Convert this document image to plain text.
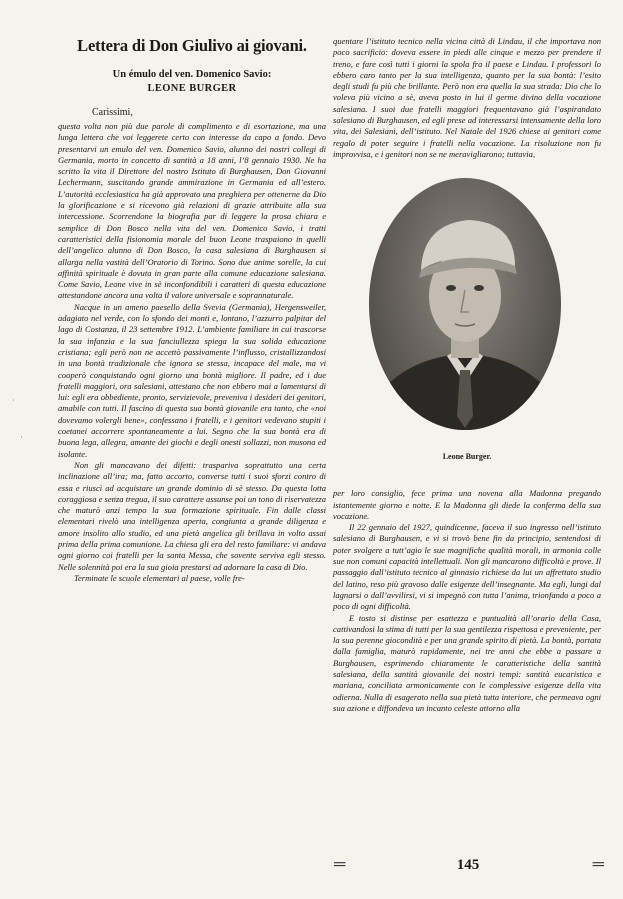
˙
·
Lettera di Don Giulivo ai giovani.
Un émulo del ven. Domenico Savio:
LEONE BURGER
Carissimi,

questa volta non più due parole di complimento e di esortazione, ma una lunga lettera che voi leggerete certo con interesse da capo a fondo. Devo presentarvi un emulo del ven. Domenico Savio, alunno dei nostri collegi di Germania, morto in concetto di santità a 18 anni, l’8 gennaio 1930. Ne ha scritto la vita il Direttore del nostro Istituto di Burghausen, Don Giovanni Lechermann, suscitando grande ammirazione in Germania ed all’estero. L’autorità ecclesiastica ha già approvato una preghiera per ottenerne da Dio la glorificazione e si ricevono già relazioni di grazie attribuite alla sua intercessione. Scorrendone la biografia par di leggere la prosa chiara e semplice di Don Bosco nella vita del ven. Domenico Savio, i tratti caratteristici della fisionomia morale del buon Leone traspaiono in quelli dell’angelico alunno di Don Bosco, la casa salesiana di Burghausen si allarga nella vastità dell’Oratorio di Torino. Sono due anime sorelle, la cui affinità spirituale è dovuta in gran parte alla comune educazione salesiana. Come Savio, Leone vive in sè inconfondibili i caratteri di questa educazione attestandone ancora una volta il valore universale e soprannaturale.

Nacque in un ameno paesello della Svevia (Germania), Hergensweiler, adagiato nel verde, con lo sfondo dei monti e, lontano, l’azzurro palpitar del lago di Costanza, il 23 settembre 1912. L’ambiente familiare in cui trascorse la sua infanzia e la sua fanciullezza spiega la sua solida educazione cristiana; egli però non ne accettò passivamente l’influsso, cristallizzandosi in una bontà tradizionale che ignora se stessa, incapace del male, ma vi cooperò conquistando ogni giorno una bontà migliore. Il padre, ed i due fratelli maggiori, ora salesiani, attestano che non ebbero mai a lamentarsi di lui: egli era obbediente, pronto, servizievole, preveniva i desideri dei genitori, amabile con tutti. Il fascino di questa sua bontà giovanile era tanto, che «noi dovevamo volergli bene», confessano i fratelli, e i genitori vedevano stupiti i coetanei accorrere spontaneamente a lui. Segno che la sua bontà era di buona lega, allegra, amante dei giochi e degli onesti sollazzi, non musona ed isolante.

Non gli mancavano dei difetti: traspariva soprattutto una certa inclinazione all’ira; ma, fatto accorto, converse tutti i suoi sforzi contro di essa e riuscì ad acquistare un grande dominio di sè stesso. Da questa lotta coraggiosa e senza tregua, il suo carattere assunse poi un tono di riservatezza che maturò anzi tempo la sua formazione spirituale. Fin dalle classi elementari rivelò una intelligenza aperta, congiunta a grande diligenza e amore insolito allo studio, ed una pietà angelica gli brillava in volto assai prima della prima comunione. La chiesa gli era del resto familiare: vi andava ogni giorno coi fratelli per la santa Messa, che sovente serviva egli stesso. Nelle solennità poi era la sua gioia prestarsi ad adornare la casa di Dio.

Terminate le scuole elementari al paese, volle fre-

quentare l’istituto tecnico nella vicina città di Lindau, il che importava non poco sacrificio: doveva essere in piedi alle cinque e mezzo per prendere il treno, e fare così tutti i giorni la spola fra il paese e Lindau. I professori lo ebbero caro tanto per la sua intelligenza, quanto per la sua bontà: l’esito degli studi fu più che brillante. Però non era quella la sua strada: Dio che lo voleva più vicino a sè, aveva posto in lui il germe divino della vocazione salesiana. I suoi due fratelli maggiori frequentavano già l’aspirandato salesiano di Burghausen, ed egli prese ad interessarsi intensamente della loro vita, dei Salesiani, dell’istituto. Nel Natale del 1926 chiese ai genitori come regalo di poter seguire i fratelli nella vocazione. La risoluzione non fu improvvisa, e i genitori non se ne meravigliarono; tuttavia,

Leone Burger.

per loro consiglio, fece prima una novena alla Madonna pregando istantemente giorno e notte. E la Madonna gli diede la conferma della sua vocazione.

Il 22 gennaio del 1927, quindicenne, faceva il suo ingresso nell’istituto salesiano di Burghausen, e vi si trovò bene fin da principio, sentendosi di poter svolgere a tutt’agio le sue magnifiche qualità morali, in armonia colle sue non comuni capacità intellettuali. Non gli mancarono difficoltà e prove. Il passaggio dall’istituto tecnico al ginnasio richiese da lui un affrettato studio del latino, reso più gravoso dalle esigenze dell’insegnante. Ma egli, lungi dal lagnarsi o dall’avvilirsi, vi si impegnò con tutta l’anima, trionfando a poco a poco di ogni difficoltà.

E tosto si distinse per esattezza e puntualità all’orario della Casa, cattivandosi la stima di tutti per la sua gentilezza rispettosa e preveniente, per la sua perenne giocondità e per una grande spirito di pietà. La bontà, portata dalla famiglia, maturò rapidamente, nei tre anni che ebbe a passare a Burghausen, esprimendo chiaramente le caratteristiche della santità salesiana, della santità giovanile dei nostri tempi: santità eucaristica e mariana, conciliata armonicamente con le complessive esigenze della vita odierna. Nulla di esagerato nella sua pietà tutta interiore, che permeava ogni sua azione e diffondeva un incanto celeste attorno alla

═	145	═
